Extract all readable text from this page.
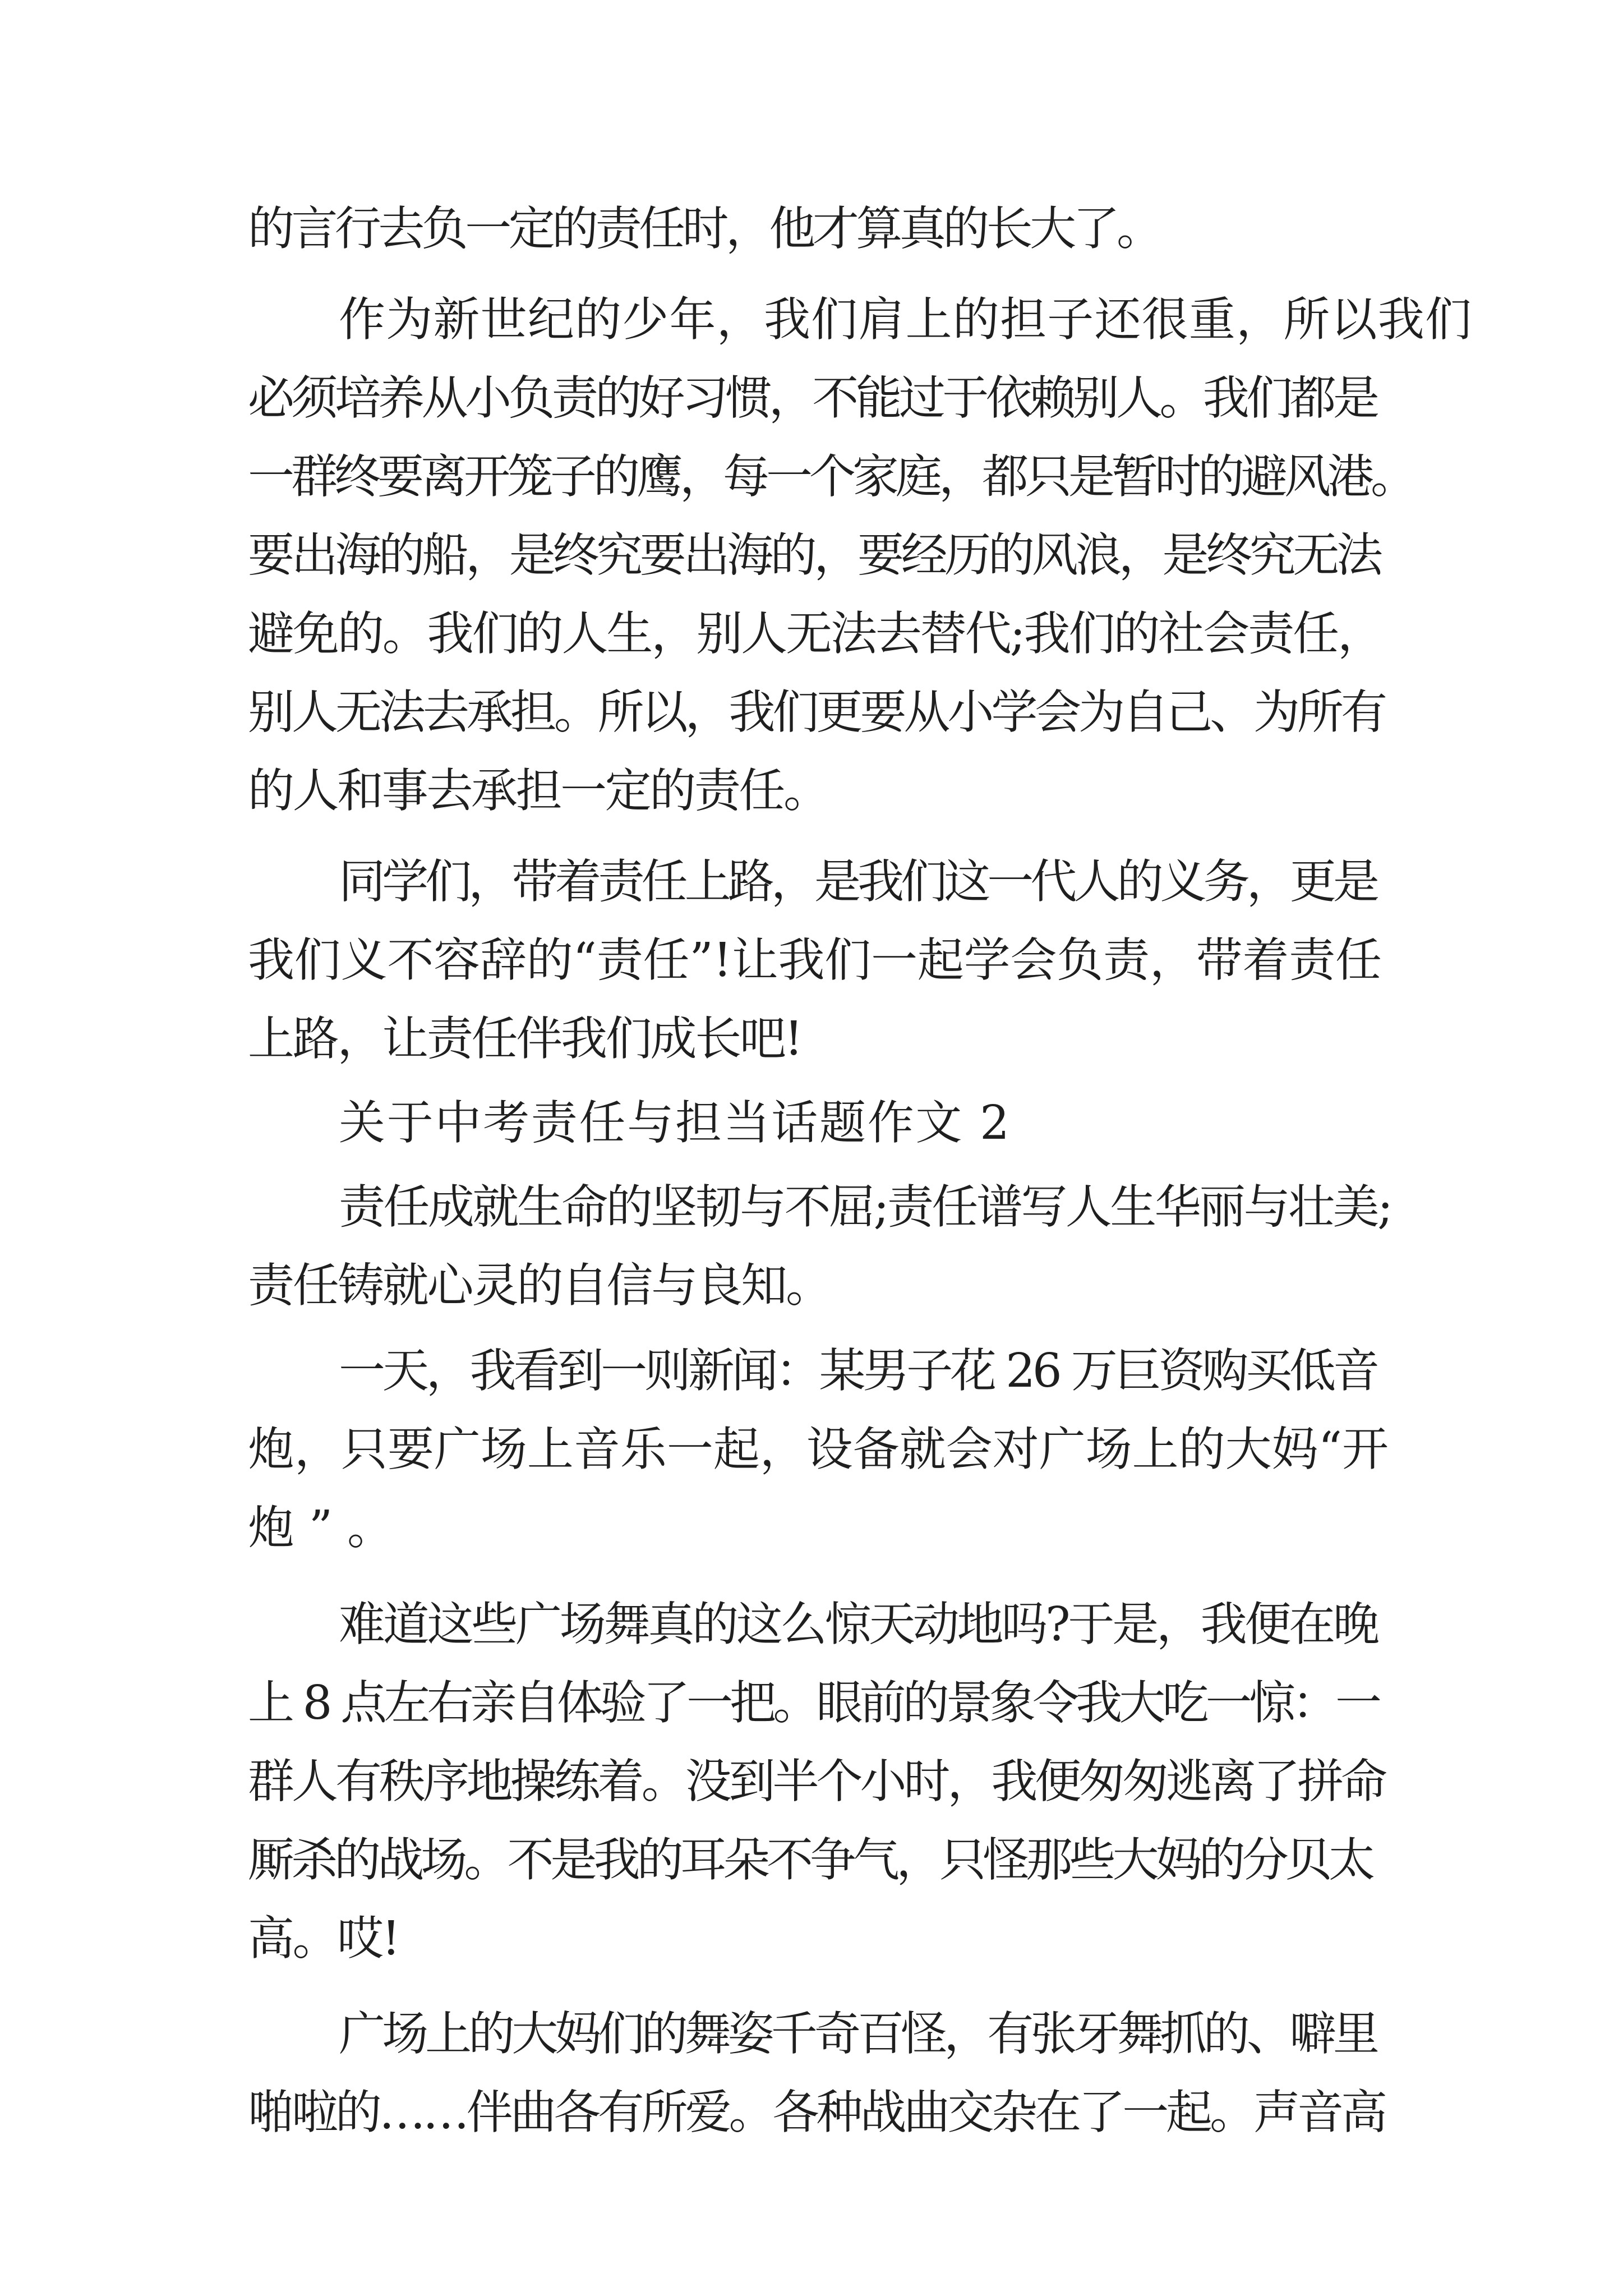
的言行去负一定的责任时，他才算真的长大了。

作为新世纪的少年，我们肩上的担子还很重，所以我们

必须培养从小负责的好习惯，不能过于依赖别人。我们都是

一群终要离开笼子的鹰，每一个家庭，都只是暂时的避风港。

要出海的船，是终究要出海的，要经历的风浪，是终究无法

避免的。我们的人生，别人无法去替代;我们的社会责任，

别人无法去承担。所以，我们更要从小学会为自己、为所有

的人和事去承担一定的责任。

同学们，带着责任上路，是我们这一代人的义务，更是

我们义不容辞的“责任”!让我们一起学会负责，带着责任

上路，让责任伴我们成长吧!

关于中考责任与担当话题作文 2

责任成就生命的坚韧与不屈;责任谱写人生华丽与壮美;

责任铸就心灵的自信与良知。

一天，我看到一则新闻：某男子花 26 万巨资购买低音

炮，只要广场上音乐一起，设备就会对广场上的大妈“开

炮”。

难道这些广场舞真的这么惊天动地吗?于是，我便在晚

上 8 点左右亲自体验了一把。眼前的景象令我大吃一惊：一

群人有秩序地操练着。没到半个小时，我便匆匆逃离了拼命

厮杀的战场。不是我的耳朵不争气，只怪那些大妈的分贝太

高。哎!

广场上的大妈们的舞姿千奇百怪，有张牙舞抓的、噼里

啪啦的……伴曲各有所爱。各种战曲交杂在了一起。声音高
